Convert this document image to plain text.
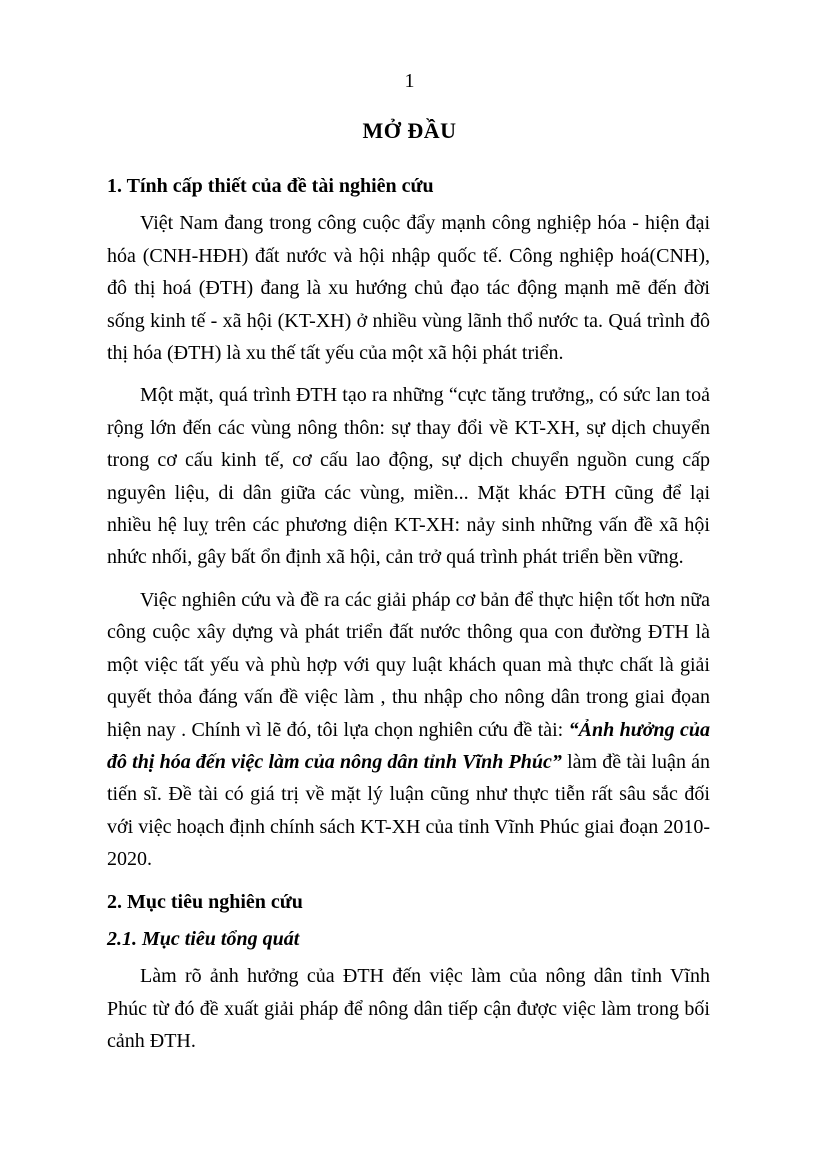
1
MỞ ĐẦU
1. Tính cấp thiết của đề tài nghiên cứu

Việt Nam đang trong công cuộc đẩy mạnh công nghiệp hóa - hiện đại hóa (CNH-HĐH) đất nước và hội nhập quốc tế. Công nghiệp hoá(CNH), đô thị hoá (ĐTH) đang là xu hướng chủ đạo tác động mạnh mẽ đến đời sống kinh tế - xã hội (KT-XH) ở nhiều vùng lãnh thổ nước ta. Quá trình đô thị hóa (ĐTH) là xu thế tất yếu của một xã hội phát triển.

Một mặt, quá trình ĐTH tạo ra những “cực tăng trưởng„ có sức lan toả rộng lớn đến các vùng nông thôn: sự thay đổi về KT-XH, sự dịch chuyển trong cơ cấu kinh tế, cơ cấu lao động, sự dịch chuyển nguồn cung cấp nguyên liệu, di dân giữa các vùng, miền... Mặt khác ĐTH cũng để lại nhiều hệ luỵ trên các phương diện KT-XH: nảy sinh những vấn đề xã hội nhức nhối, gây bất ổn định xã hội, cản trở quá trình phát triển bền vững.

Việc nghiên cứu và đề ra các giải pháp cơ bản để thực hiện tốt hơn nữa công cuộc xây dựng và phát triển đất nước thông qua con đường ĐTH là một việc tất yếu và phù hợp với quy luật khách quan mà thực chất là giải quyết thỏa đáng vấn đề việc làm , thu nhập cho nông dân trong giai đọan hiện nay . Chính vì lẽ đó, tôi lựa chọn nghiên cứu đề tài: “Ảnh hưởng của đô thị hóa đến việc làm của nông dân tỉnh Vĩnh Phúc” làm đề tài luận án tiến sĩ. Đề tài có giá trị về mặt lý luận cũng như thực tiễn rất sâu sắc đối với việc hoạch định chính sách KT-XH của tỉnh Vĩnh Phúc giai đoạn 2010- 2020.

2. Mục tiêu nghiên cứu
2.1. Mục tiêu tổng quát

Làm rõ ảnh hưởng của ĐTH đến việc làm của nông dân tỉnh Vĩnh Phúc từ đó đề xuất giải pháp để nông dân tiếp cận được việc làm trong bối cảnh ĐTH.
